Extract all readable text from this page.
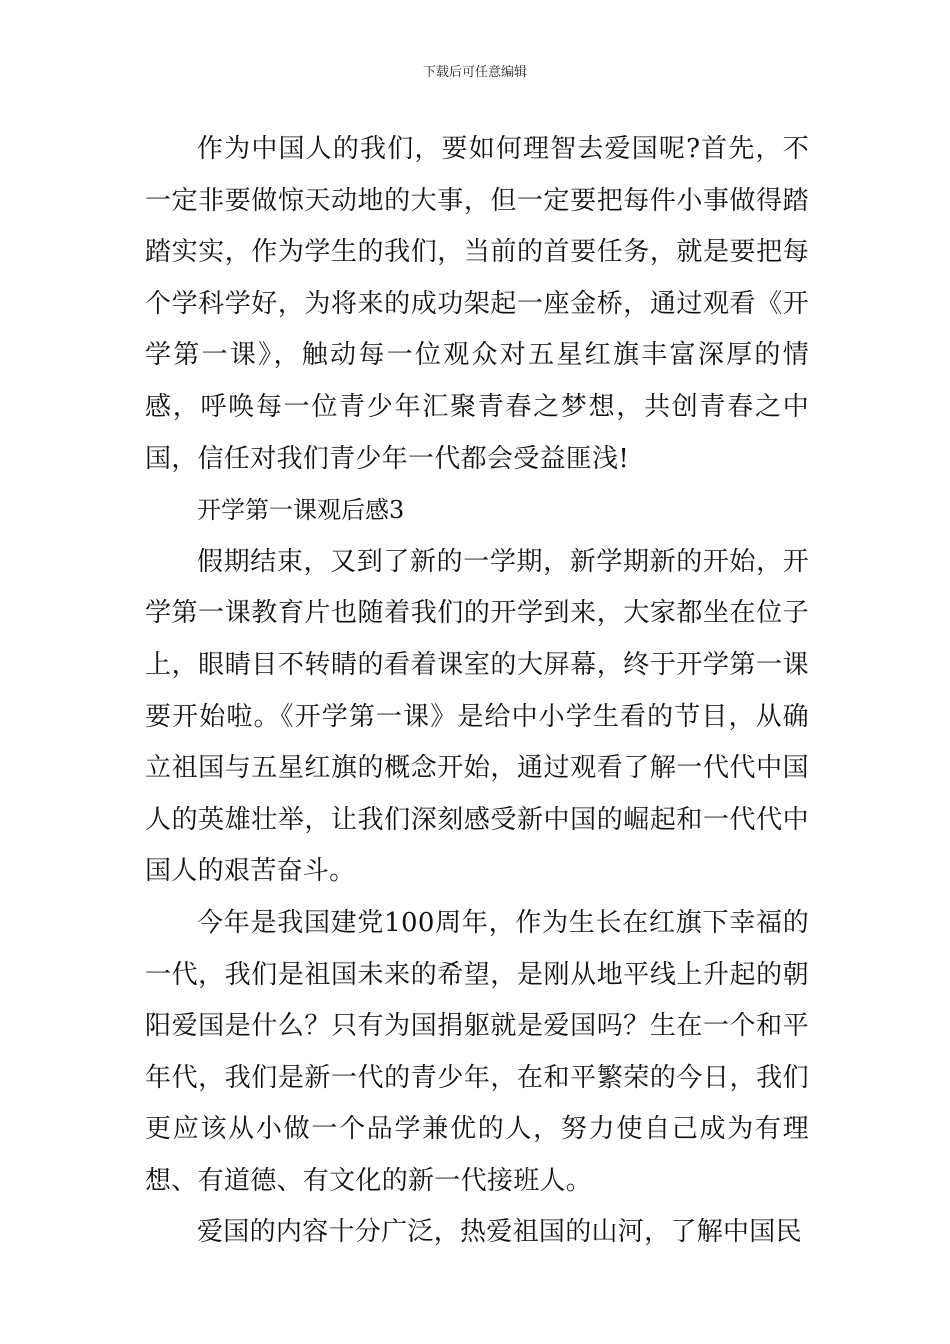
下载后可任意编辑

作为中国人的我们，要如何理智去爱国呢?首先，不一定非要做惊天动地的大事，但一定要把每件小事做得踏踏实实，作为学生的我们，当前的首要任务，就是要把每个学科学好，为将来的成功架起一座金桥，通过观看《开学第一课》，触动每一位观众对五星红旗丰富深厚的情感，呼唤每一位青少年汇聚青春之梦想，共创青春之中国，信任对我们青少年一代都会受益匪浅!

开学第一课观后感3

假期结束，又到了新的一学期，新学期新的开始，开学第一课教育片也随着我们的开学到来，大家都坐在位子上，眼睛目不转睛的看着课室的大屏幕，终于开学第一课要开始啦。《开学第一课》是给中小学生看的节目，从确立祖国与五星红旗的概念开始，通过观看了解一代代中国人的英雄壮举，让我们深刻感受新中国的崛起和一代代中国人的艰苦奋斗。

今年是我国建党100周年，作为生长在红旗下幸福的一代，我们是祖国未来的希望，是刚从地平线上升起的朝阳爱国是什么？只有为国捐躯就是爱国吗？生在一个和平年代，我们是新一代的青少年，在和平繁荣的今日，我们更应该从小做一个品学兼优的人，努力使自己成为有理想、有道德、有文化的新一代接班人。

爱国的内容十分广泛，热爱祖国的山河，了解中国民
